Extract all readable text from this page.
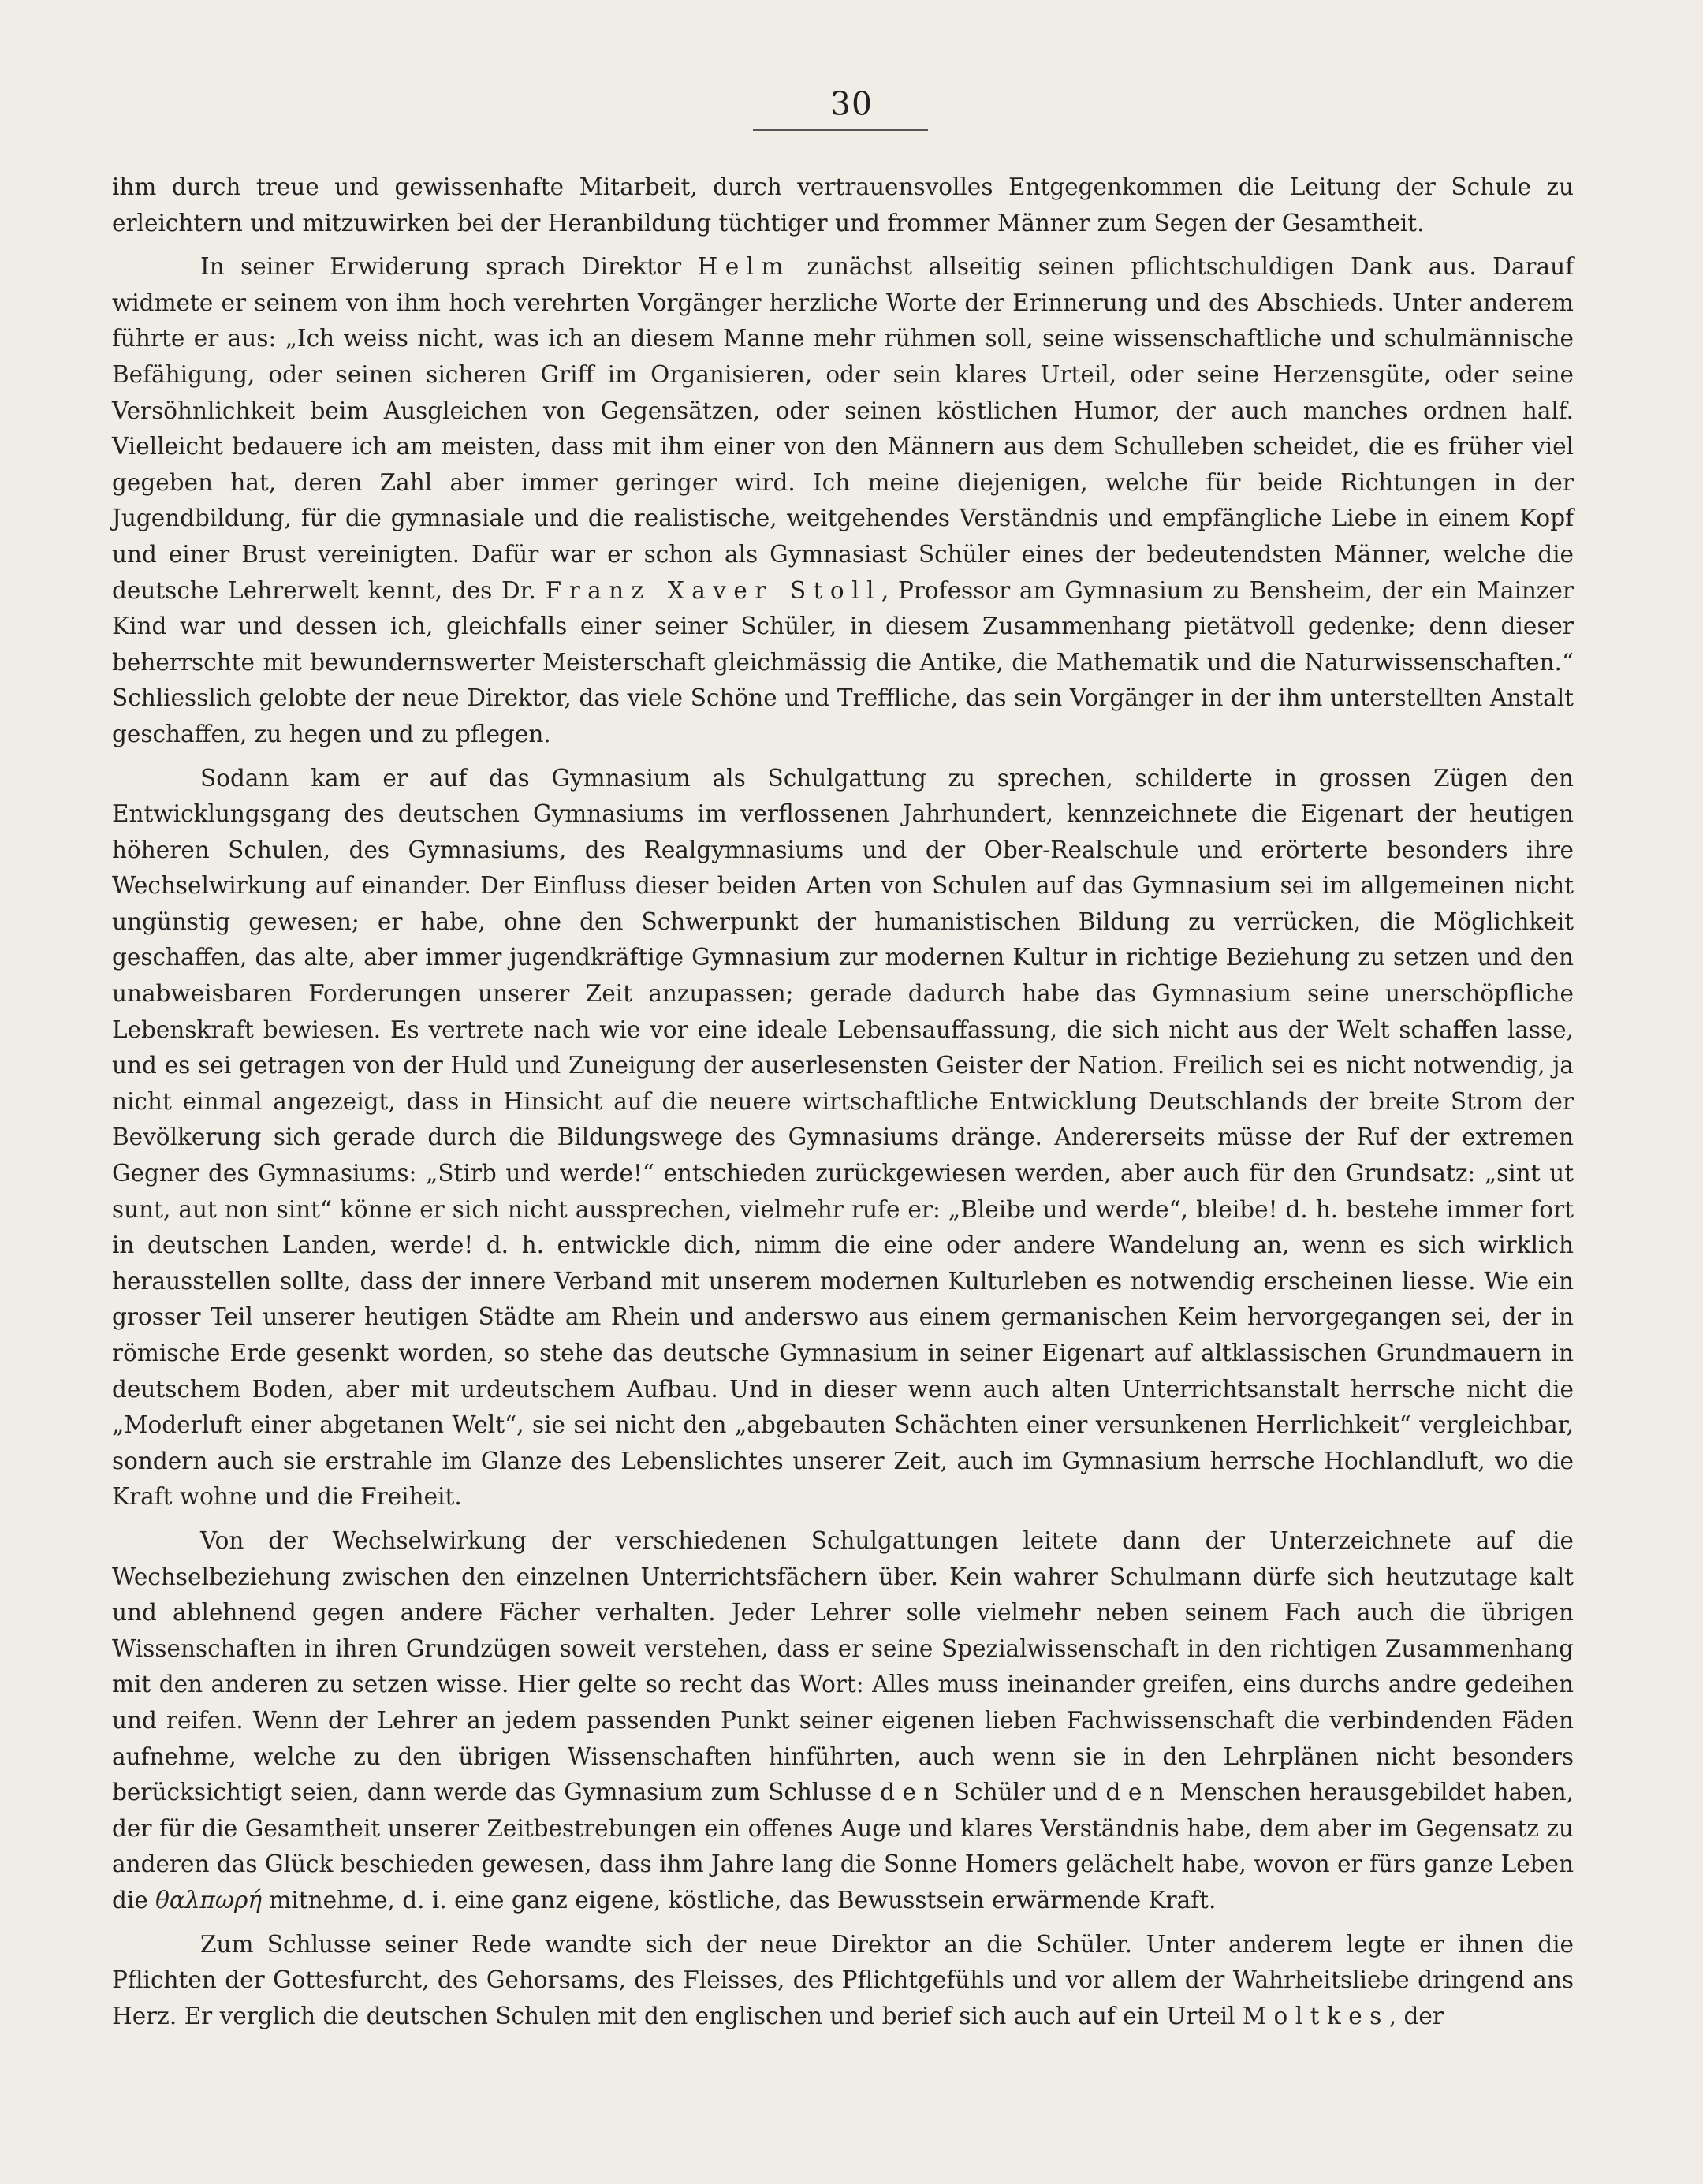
30

ihm durch treue und gewissenhafte Mitarbeit, durch vertrauensvolles Entgegenkommen die Leitung der Schule zu erleichtern und mitzuwirken bei der Heranbildung tüchtiger und frommer Männer zum Segen der Gesamtheit.

In seiner Erwiderung sprach Direktor Helm zunächst allseitig seinen pflichtschuldigen Dank aus. Darauf widmete er seinem von ihm hoch verehrten Vorgänger herzliche Worte der Erinnerung und des Abschieds. Unter anderem führte er aus: „Ich weiss nicht, was ich an diesem Manne mehr rühmen soll, seine wissenschaftliche und schulmännische Befähigung, oder seinen sicheren Griff im Organisieren, oder sein klares Urteil, oder seine Herzensgüte, oder seine Versöhnlichkeit beim Ausgleichen von Gegensätzen, oder seinen köstlichen Humor, der auch manches ordnen half. Vielleicht bedauere ich am meisten, dass mit ihm einer von den Männern aus dem Schulleben scheidet, die es früher viel gegeben hat, deren Zahl aber immer geringer wird. Ich meine diejenigen, welche für beide Richtungen in der Jugendbildung, für die gymnasiale und die realistische, weitgehendes Verständnis und empfängliche Liebe in einem Kopf und einer Brust vereinigten. Dafür war er schon als Gymnasiast Schüler eines der bedeutendsten Männer, welche die deutsche Lehrerwelt kennt, des Dr. Franz Xaver Stoll, Professor am Gymnasium zu Bensheim, der ein Mainzer Kind war und dessen ich, gleichfalls einer seiner Schüler, in diesem Zusammenhang pietätvoll gedenke; denn dieser beherrschte mit bewundernswerter Meisterschaft gleichmässig die Antike, die Mathematik und die Naturwissenschaften.“ Schliesslich gelobte der neue Direktor, das viele Schöne und Treffliche, das sein Vorgänger in der ihm unterstellten Anstalt geschaffen, zu hegen und zu pflegen.

Sodann kam er auf das Gymnasium als Schulgattung zu sprechen, schilderte in grossen Zügen den Entwicklungsgang des deutschen Gymnasiums im verflossenen Jahrhundert, kennzeichnete die Eigenart der heutigen höheren Schulen, des Gymnasiums, des Realgymnasiums und der Ober-Realschule und erörterte besonders ihre Wechselwirkung auf einander. Der Einfluss dieser beiden Arten von Schulen auf das Gymnasium sei im allgemeinen nicht ungünstig gewesen; er habe, ohne den Schwerpunkt der humanistischen Bildung zu verrücken, die Möglichkeit geschaffen, das alte, aber immer jugendkräftige Gymnasium zur modernen Kultur in richtige Beziehung zu setzen und den unabweisbaren Forderungen unserer Zeit anzupassen; gerade dadurch habe das Gymnasium seine unerschöpfliche Lebenskraft bewiesen. Es vertrete nach wie vor eine ideale Lebensauffassung, die sich nicht aus der Welt schaffen lasse, und es sei getragen von der Huld und Zuneigung der auserlesensten Geister der Nation. Freilich sei es nicht notwendig, ja nicht einmal angezeigt, dass in Hinsicht auf die neuere wirtschaftliche Entwicklung Deutschlands der breite Strom der Bevölkerung sich gerade durch die Bildungswege des Gymnasiums dränge. Andererseits müsse der Ruf der extremen Gegner des Gymnasiums: „Stirb und werde!“ entschieden zurückgewiesen werden, aber auch für den Grundsatz: „sint ut sunt, aut non sint“ könne er sich nicht aussprechen, vielmehr rufe er: „Bleibe und werde“, bleibe! d. h. bestehe immer fort in deutschen Landen, werde! d. h. entwickle dich, nimm die eine oder andere Wandelung an, wenn es sich wirklich herausstellen sollte, dass der innere Verband mit unserem modernen Kulturleben es notwendig erscheinen liesse. Wie ein grosser Teil unserer heutigen Städte am Rhein und anderswo aus einem germanischen Keim hervorgegangen sei, der in römische Erde gesenkt worden, so stehe das deutsche Gymnasium in seiner Eigenart auf altklassischen Grundmauern in deutschem Boden, aber mit urdeutschem Aufbau. Und in dieser wenn auch alten Unterrichtsanstalt herrsche nicht die „Moderluft einer abgetanen Welt“, sie sei nicht den „abgebauten Schächten einer versunkenen Herrlichkeit“ vergleichbar, sondern auch sie erstrahle im Glanze des Lebenslichtes unserer Zeit, auch im Gymnasium herrsche Hochlandluft, wo die Kraft wohne und die Freiheit.

Von der Wechselwirkung der verschiedenen Schulgattungen leitete dann der Unterzeichnete auf die Wechselbeziehung zwischen den einzelnen Unterrichtsfächern über. Kein wahrer Schulmann dürfe sich heutzutage kalt und ablehnend gegen andere Fächer verhalten. Jeder Lehrer solle vielmehr neben seinem Fach auch die übrigen Wissenschaften in ihren Grundzügen soweit verstehen, dass er seine Spezialwissenschaft in den richtigen Zusammenhang mit den anderen zu setzen wisse. Hier gelte so recht das Wort: Alles muss ineinander greifen, eins durchs andre gedeihen und reifen. Wenn der Lehrer an jedem passenden Punkt seiner eigenen lieben Fachwissenschaft die verbindenden Fäden aufnehme, welche zu den übrigen Wissenschaften hinführten, auch wenn sie in den Lehrplänen nicht besonders berücksichtigt seien, dann werde das Gymnasium zum Schlusse den Schüler und den Menschen herausgebildet haben, der für die Gesamtheit unserer Zeitbestrebungen ein offenes Auge und klares Verständnis habe, dem aber im Gegensatz zu anderen das Glück beschieden gewesen, dass ihm Jahre lang die Sonne Homers gelächelt habe, wovon er fürs ganze Leben die θαλπωρή mitnehme, d. i. eine ganz eigene, köstliche, das Bewusstsein erwärmende Kraft.

Zum Schlusse seiner Rede wandte sich der neue Direktor an die Schüler. Unter anderem legte er ihnen die Pflichten der Gottesfurcht, des Gehorsams, des Fleisses, des Pflichtgefühls und vor allem der Wahrheitsliebe dringend ans Herz. Er verglich die deutschen Schulen mit den englischen und berief sich auch auf ein Urteil Moltkes, der
